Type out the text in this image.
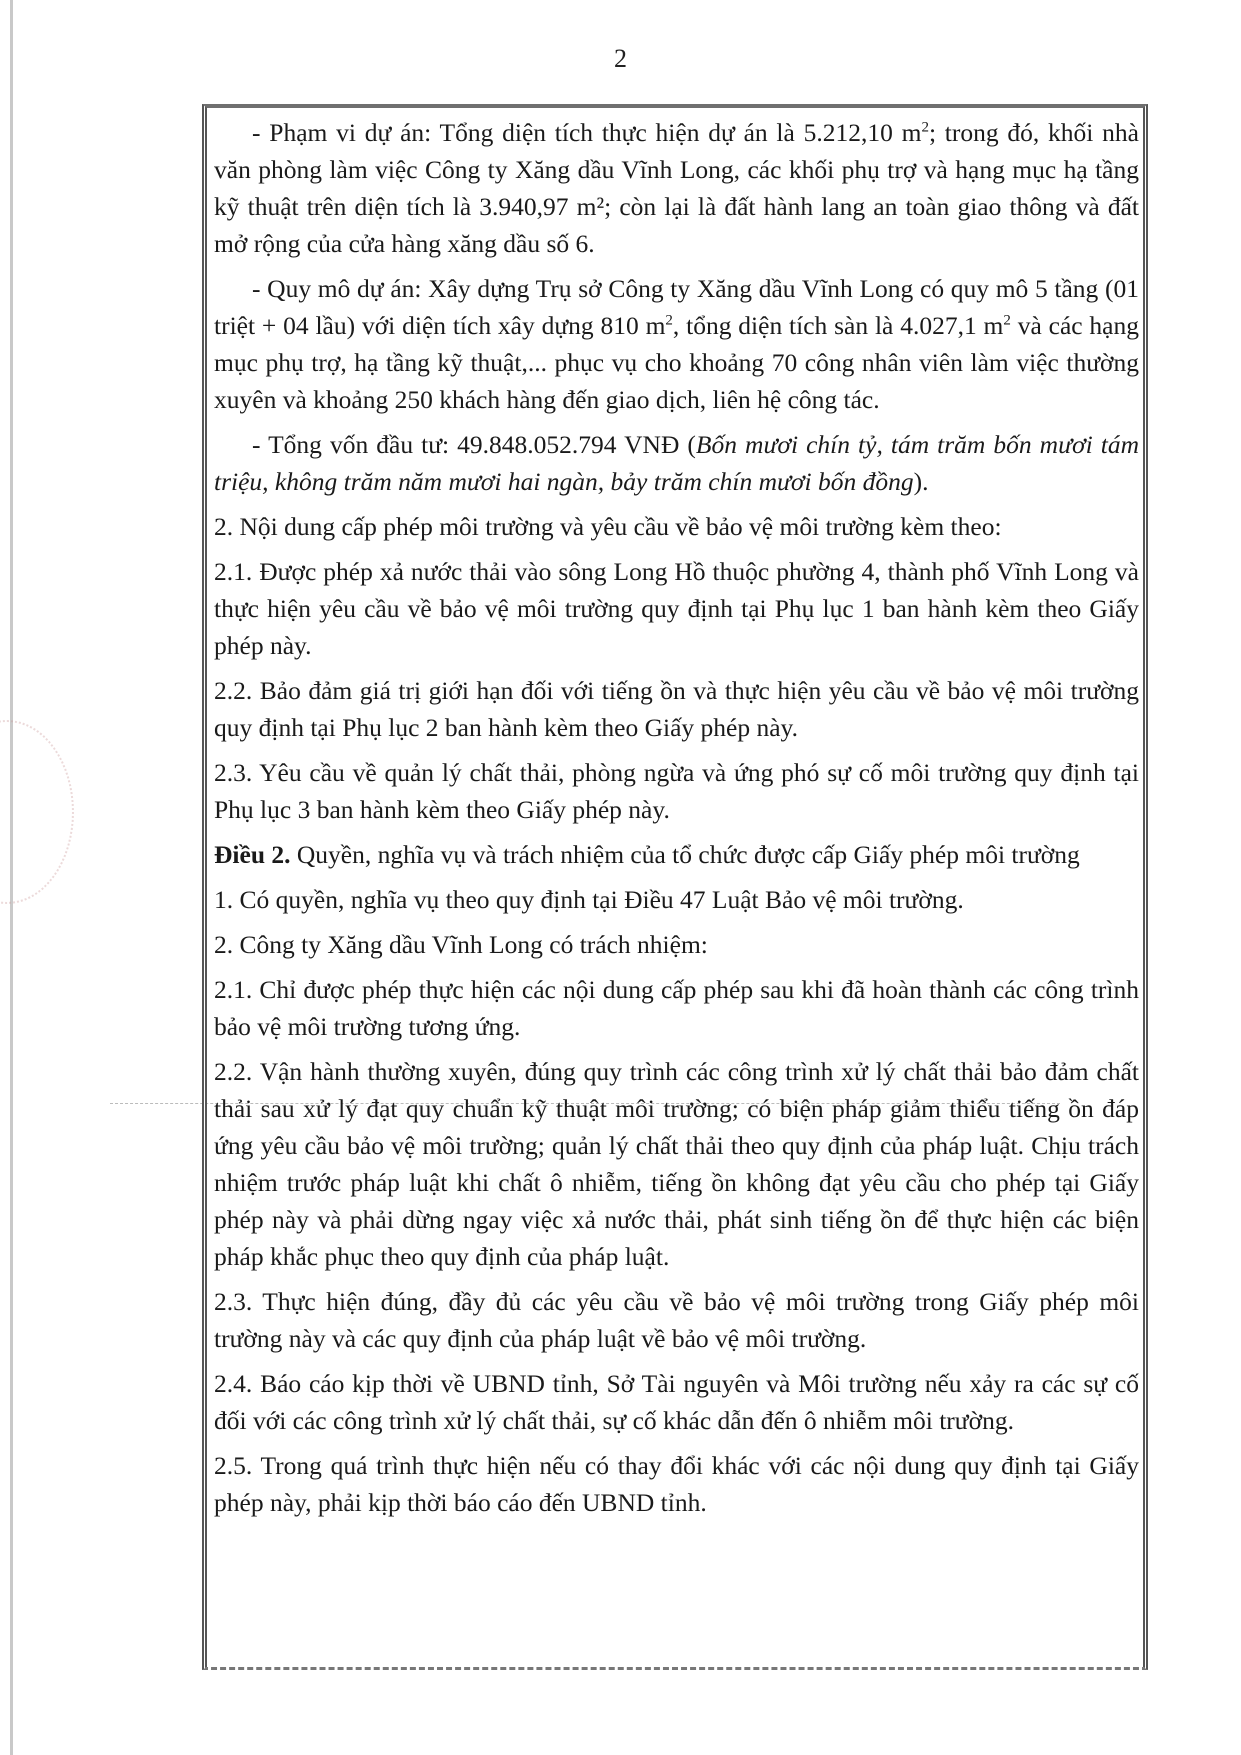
2

- Phạm vi dự án: Tổng diện tích thực hiện dự án là 5.212,10 $m^2$; trong đó, khối nhà văn phòng làm việc Công ty Xăng dầu Vĩnh Long, các khối phụ trợ và hạng mục hạ tầng kỹ thuật trên diện tích là 3.940,97 m²; còn lại là đất hành lang an toàn giao thông và đất mở rộng của cửa hàng xăng dầu số 6.

- Quy mô dự án: Xây dựng Trụ sở Công ty Xăng dầu Vĩnh Long có quy mô 5 tầng (01 triệt + 04 lầu) với diện tích xây dựng 810 $m^2$, tổng diện tích sàn là 4.027,1 $m^2$ và các hạng mục phụ trợ, hạ tầng kỹ thuật,... phục vụ cho khoảng 70 công nhân viên làm việc thường xuyên và khoảng 250 khách hàng đến giao dịch, liên hệ công tác.

- Tổng vốn đầu tư: 49.848.052.794 VNĐ (Bốn mươi chín tỷ, tám trăm bốn mươi tám triệu, không trăm năm mươi hai ngàn, bảy trăm chín mươi bốn đồng).

2. Nội dung cấp phép môi trường và yêu cầu về bảo vệ môi trường kèm theo:

2.1. Được phép xả nước thải vào sông Long Hồ thuộc phường 4, thành phố Vĩnh Long và thực hiện yêu cầu về bảo vệ môi trường quy định tại Phụ lục 1 ban hành kèm theo Giấy phép này.

2.2. Bảo đảm giá trị giới hạn đối với tiếng ồn và thực hiện yêu cầu về bảo vệ môi trường quy định tại Phụ lục 2 ban hành kèm theo Giấy phép này.

2.3. Yêu cầu về quản lý chất thải, phòng ngừa và ứng phó sự cố môi trường quy định tại Phụ lục 3 ban hành kèm theo Giấy phép này.

Điều 2. Quyền, nghĩa vụ và trách nhiệm của tổ chức được cấp Giấy phép môi trường

1. Có quyền, nghĩa vụ theo quy định tại Điều 47 Luật Bảo vệ môi trường.

2. Công ty Xăng dầu Vĩnh Long có trách nhiệm:

2.1. Chỉ được phép thực hiện các nội dung cấp phép sau khi đã hoàn thành các công trình bảo vệ môi trường tương ứng.

2.2. Vận hành thường xuyên, đúng quy trình các công trình xử lý chất thải bảo đảm chất thải sau xử lý đạt quy chuẩn kỹ thuật môi trường; có biện pháp giảm thiểu tiếng ồn đáp ứng yêu cầu bảo vệ môi trường; quản lý chất thải theo quy định của pháp luật. Chịu trách nhiệm trước pháp luật khi chất ô nhiễm, tiếng ồn không đạt yêu cầu cho phép tại Giấy phép này và phải dừng ngay việc xả nước thải, phát sinh tiếng ồn để thực hiện các biện pháp khắc phục theo quy định của pháp luật.

2.3. Thực hiện đúng, đầy đủ các yêu cầu về bảo vệ môi trường trong Giấy phép môi trường này và các quy định của pháp luật về bảo vệ môi trường.

2.4. Báo cáo kịp thời về UBND tỉnh, Sở Tài nguyên và Môi trường nếu xảy ra các sự cố đối với các công trình xử lý chất thải, sự cố khác dẫn đến ô nhiễm môi trường.

2.5. Trong quá trình thực hiện nếu có thay đổi khác với các nội dung quy định tại Giấy phép này, phải kịp thời báo cáo đến UBND tỉnh.
